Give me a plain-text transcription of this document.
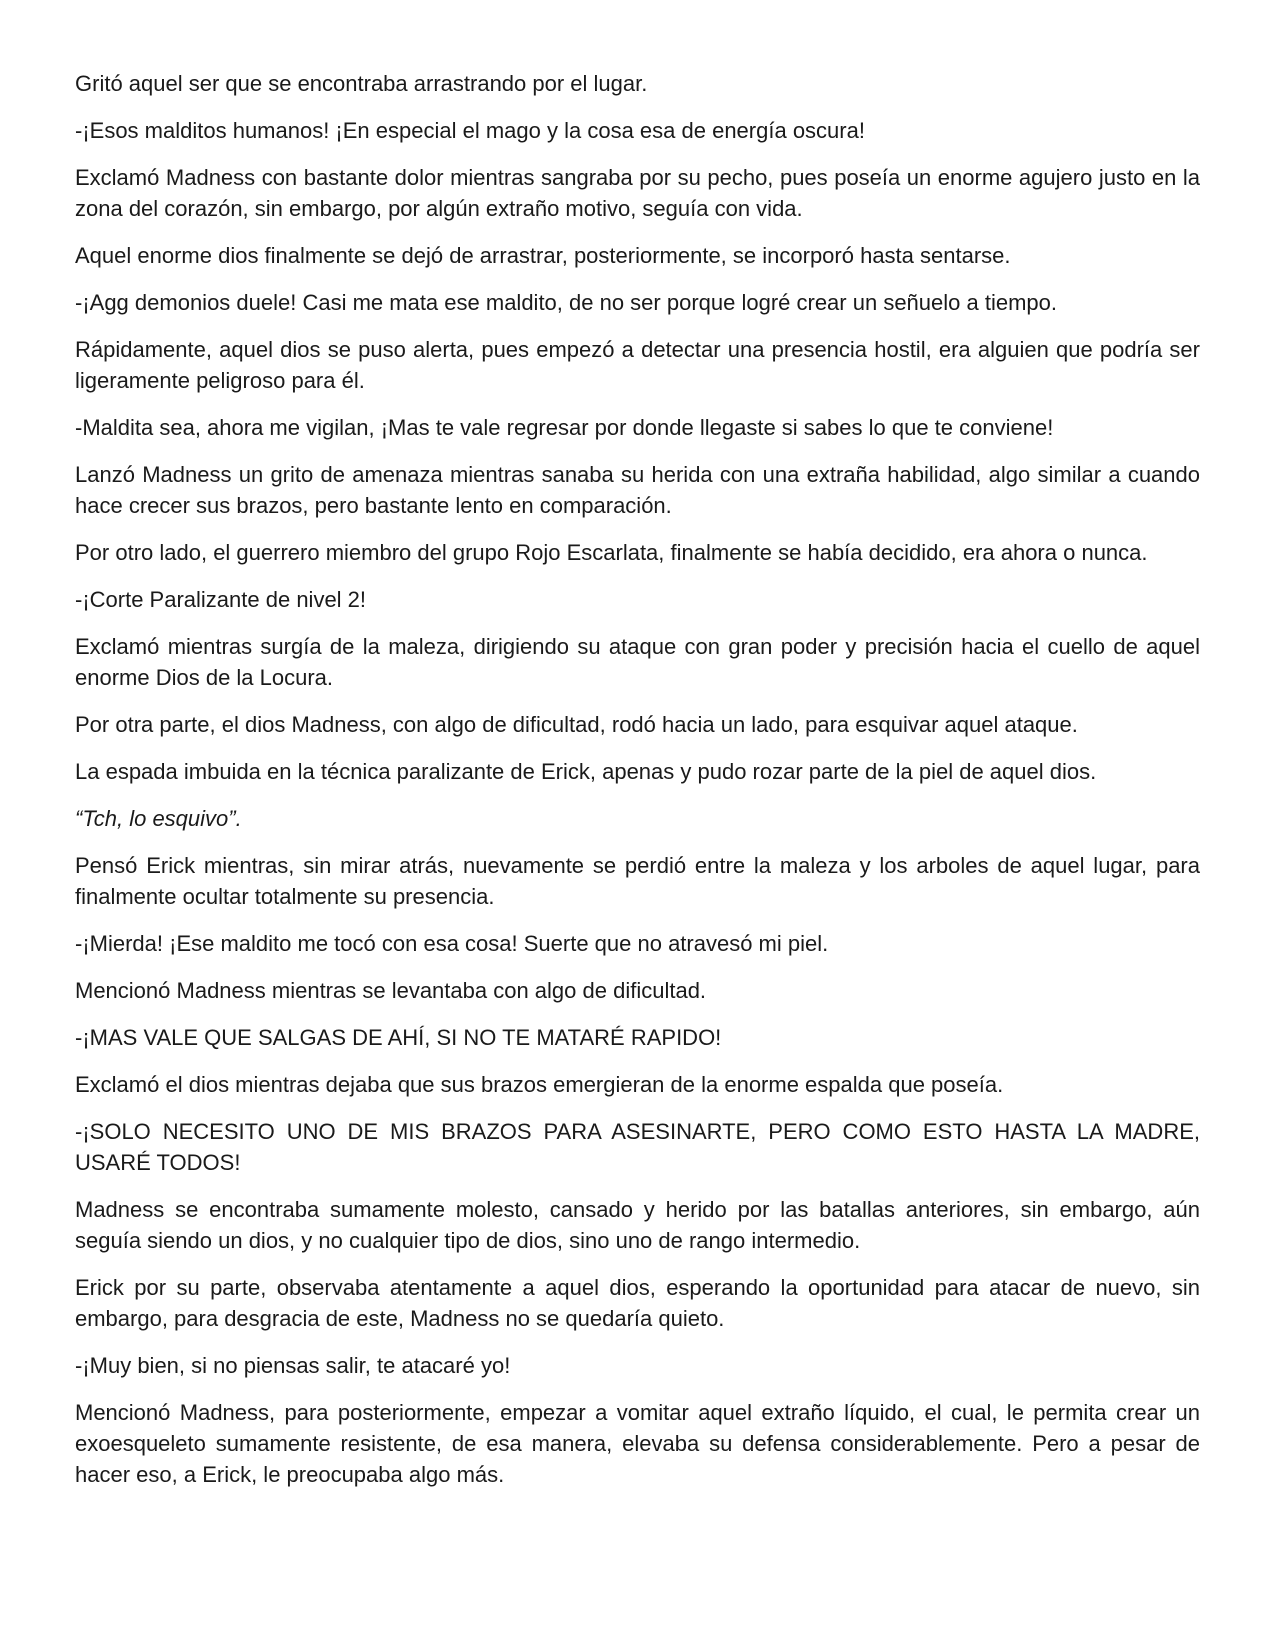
Gritó aquel ser que se encontraba arrastrando por el lugar.

-¡Esos malditos humanos! ¡En especial el mago y la cosa esa de energía oscura!

Exclamó Madness con bastante dolor mientras sangraba por su pecho, pues poseía un enorme agujero justo en la zona del corazón, sin embargo, por algún extraño motivo, seguía con vida.

Aquel enorme dios finalmente se dejó de arrastrar, posteriormente, se incorporó hasta sentarse.

-¡Agg demonios duele! Casi me mata ese maldito, de no ser porque logré crear un señuelo a tiempo.

Rápidamente, aquel dios se puso alerta, pues empezó a detectar una presencia hostil, era alguien que podría ser ligeramente peligroso para él.

-Maldita sea, ahora me vigilan, ¡Mas te vale regresar por donde llegaste si sabes lo que te conviene!

Lanzó Madness un grito de amenaza mientras sanaba su herida con una extraña habilidad, algo similar a cuando hace crecer sus brazos, pero bastante lento en comparación.

Por otro lado, el guerrero miembro del grupo Rojo Escarlata, finalmente se había decidido, era ahora o nunca.

-¡Corte Paralizante de nivel 2!

Exclamó mientras surgía de la maleza, dirigiendo su ataque con gran poder y precisión hacia el cuello de aquel enorme Dios de la Locura.

Por otra parte, el dios Madness, con algo de dificultad, rodó hacia un lado, para esquivar aquel ataque.

La espada imbuida en la técnica paralizante de Erick, apenas y pudo rozar parte de la piel de aquel dios.

“Tch, lo esquivo”.

Pensó Erick mientras, sin mirar atrás, nuevamente se perdió entre la maleza y los arboles de aquel lugar, para finalmente ocultar totalmente su presencia.

-¡Mierda! ¡Ese maldito me tocó con esa cosa! Suerte que no atravesó mi piel.

Mencionó Madness mientras se levantaba con algo de dificultad.

-¡MAS VALE QUE SALGAS DE AHÍ, SI NO TE MATARÉ RAPIDO!

Exclamó el dios mientras dejaba que sus brazos emergieran de la enorme espalda que poseía.

-¡SOLO NECESITO UNO DE MIS BRAZOS PARA ASESINARTE, PERO COMO ESTO HASTA LA MADRE, USARÉ TODOS!

Madness se encontraba sumamente molesto, cansado y herido por las batallas anteriores, sin embargo, aún seguía siendo un dios, y no cualquier tipo de dios, sino uno de rango intermedio.

Erick por su parte, observaba atentamente a aquel dios, esperando la oportunidad para atacar de nuevo, sin embargo, para desgracia de este, Madness no se quedaría quieto.

-¡Muy bien, si no piensas salir, te atacaré yo!

Mencionó Madness, para posteriormente, empezar a vomitar aquel extraño líquido, el cual, le permita crear un exoesqueleto sumamente resistente, de esa manera, elevaba su defensa considerablemente. Pero a pesar de hacer eso, a Erick, le preocupaba algo más.
